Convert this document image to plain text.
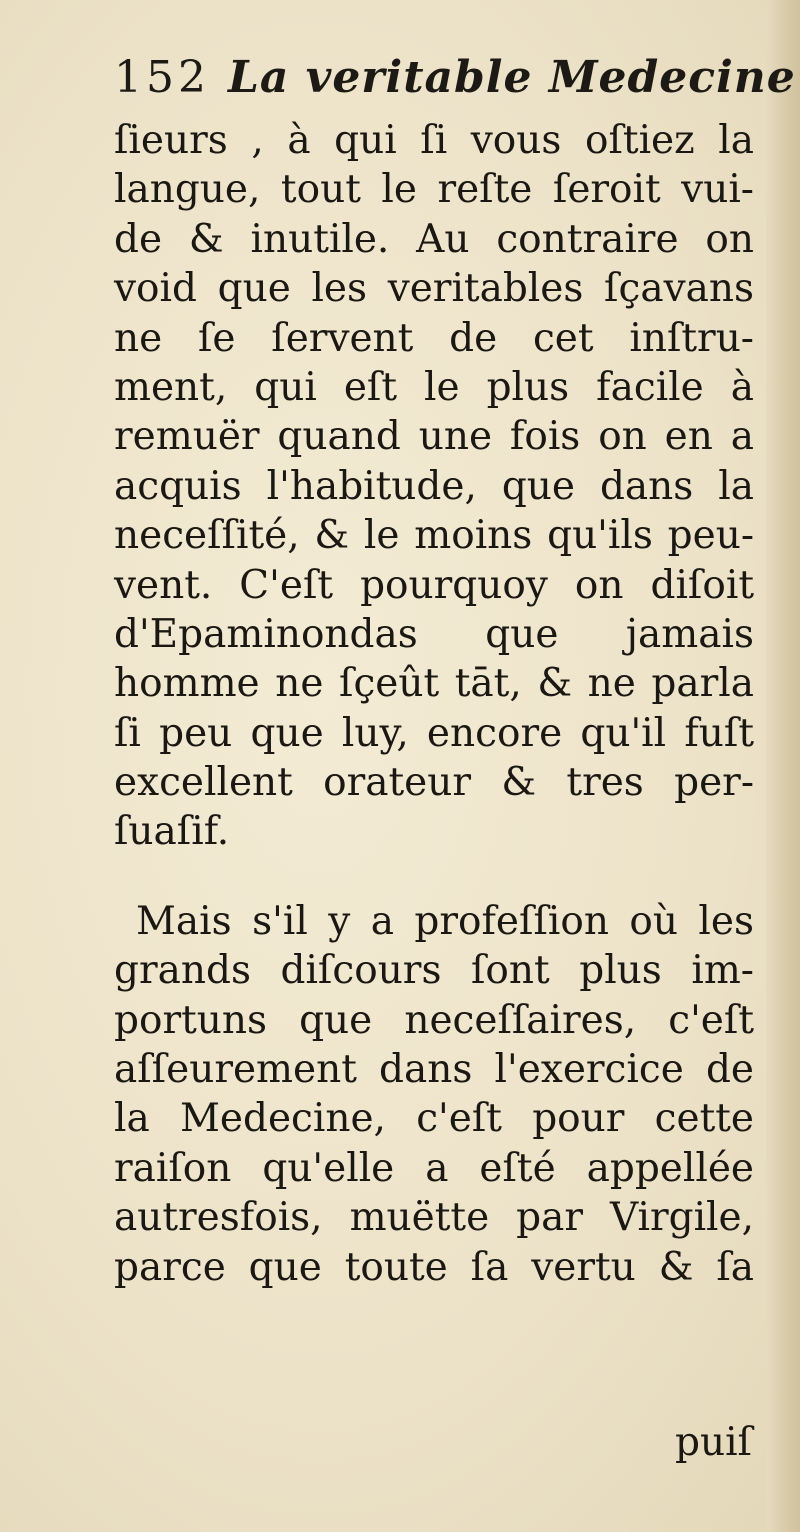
152 La veritable Medecine
ſieurs , à qui ſi vous oſtiez la
langue, tout le reſte ſeroit vui-
de & inutile. Au contraire on
void que les veritables ſçavans
ne ſe ſervent de cet inſtru-
ment, qui eſt le plus facile à
remuër quand une fois on en a
acquis l'habitude, que dans la
neceſſité, & le moins qu'ils peu-
vent. C'eſt pourquoy on diſoit
d'Epaminondas que jamais
homme ne ſçeût tāt, & ne parla
ſi peu que luy, encore qu'il fuſt
excellent orateur & tres per-
ſuaſif.
Mais s'il y a profeſſion où les
grands diſcours ſont plus im-
portuns que neceſſaires, c'eſt
aſſeurement dans l'exercice de
la Medecine, c'eſt pour cette
raiſon qu'elle a eſté appellée
autresfois, muëtte par Virgile,
parce que toute ſa vertu & ſa
puiſ
